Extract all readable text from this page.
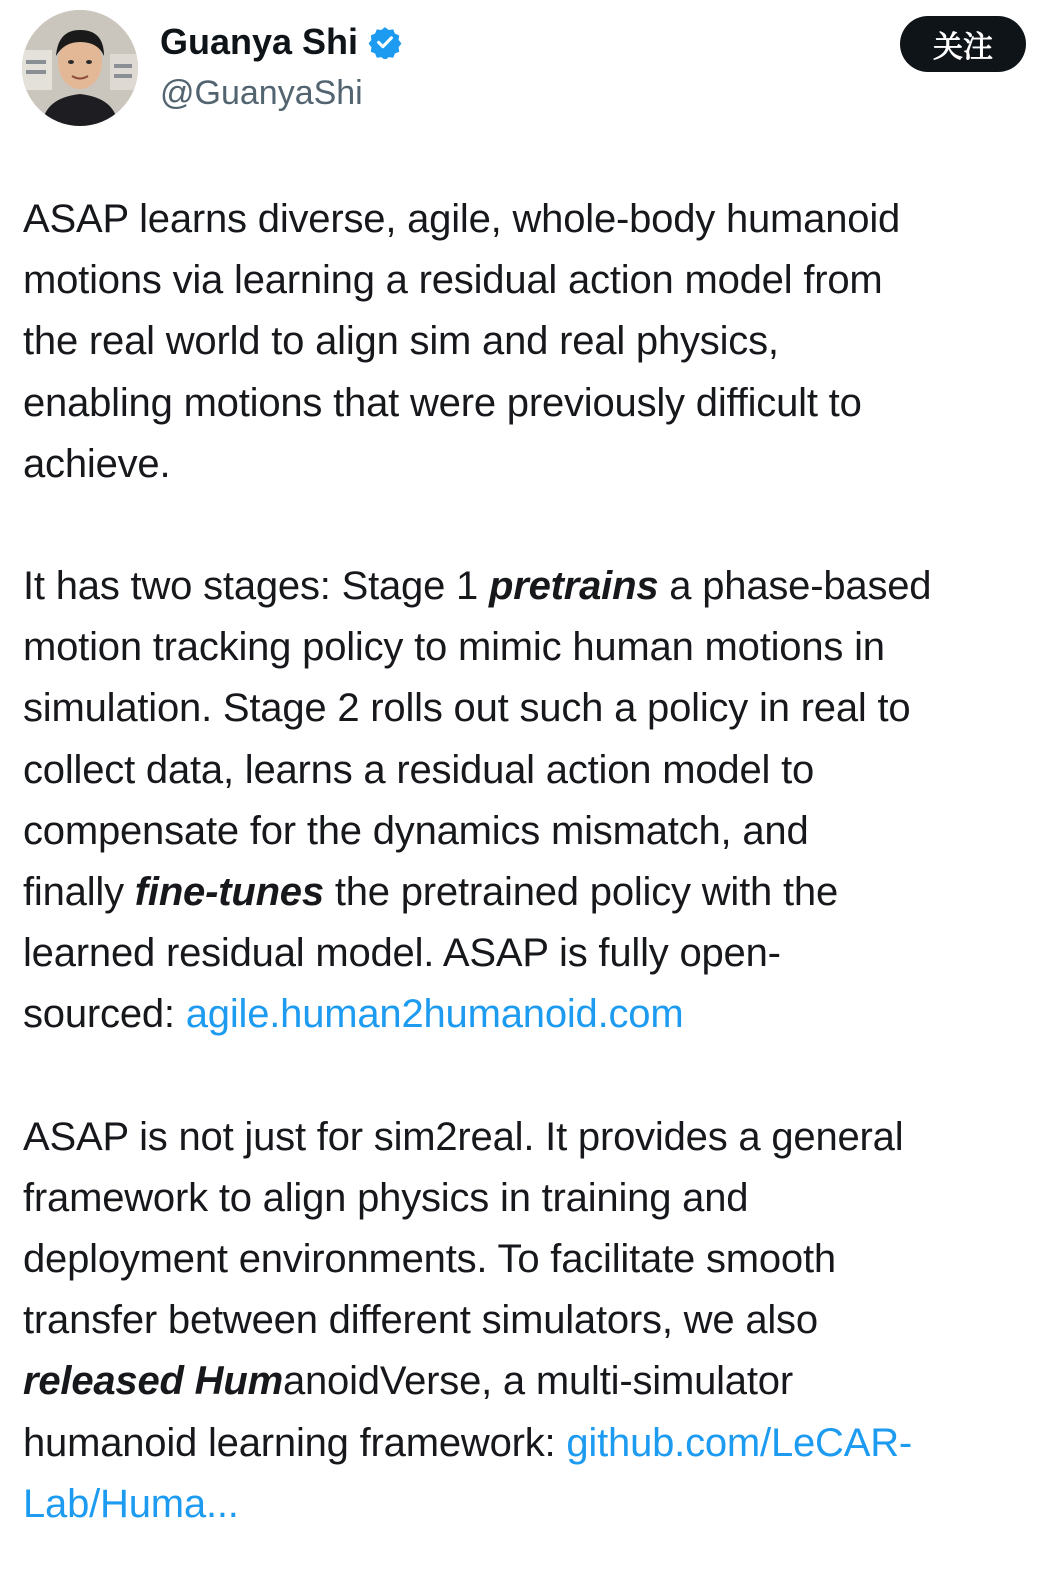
Guanya Shi
@GuanyaShi
关注
ASAP learns diverse, agile, whole-body humanoid
motions via learning a residual action model from
the real world to align sim and real physics,
enabling motions that were previously difficult to
achieve.
It has two stages: Stage 1 pretrains a phase-based
motion tracking policy to mimic human motions in
simulation. Stage 2 rolls out such a policy in real to
collect data, learns a residual action model to
compensate for the dynamics mismatch, and
finally fine-tunes the pretrained policy with the
learned residual model. ASAP is fully open-
sourced: agile.human2humanoid.com
ASAP is not just for sim2real. It provides a general
framework to align physics in training and
deployment environments. To facilitate smooth
transfer between different simulators, we also
released HumanoidVerse, a multi-simulator
humanoid learning framework: github.com/LeCAR-
Lab/Huma...
